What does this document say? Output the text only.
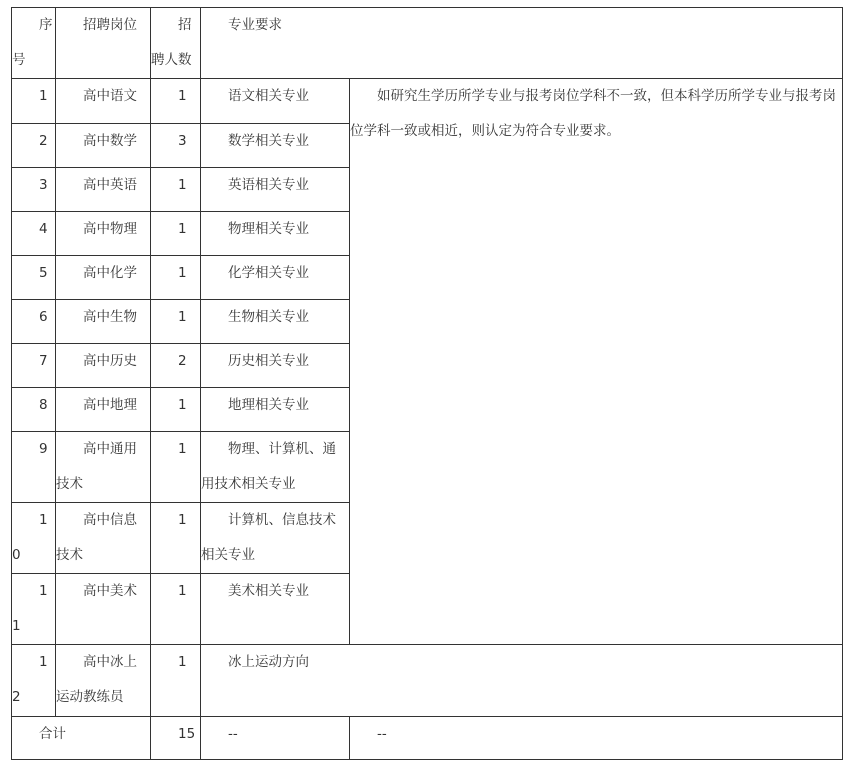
序号	招聘岗位	招聘人数	专业要求	
1	高中语文	1	语文相关专业	如研究生学历所学专业与报考岗位学科不一致，但本科学历所学专业与报考岗位学科一致或相近，则认定为符合专业要求。
2	高中数学	3	数学相关专业	
3	高中英语	1	英语相关专业	
4	高中物理	1	物理相关专业	
5	高中化学	1	化学相关专业	
6	高中生物	1	生物相关专业	
7	高中历史	2	历史相关专业	
8	高中地理	1	地理相关专业	
9	高中通用技术	1	物理、计算机、通用技术相关专业	
10	高中信息技术	1	计算机、信息技术相关专业	
11	高中美术	1	美术相关专业	
12	高中冰上运动教练员	1	冰上运动方向	
合计		15	--	--
